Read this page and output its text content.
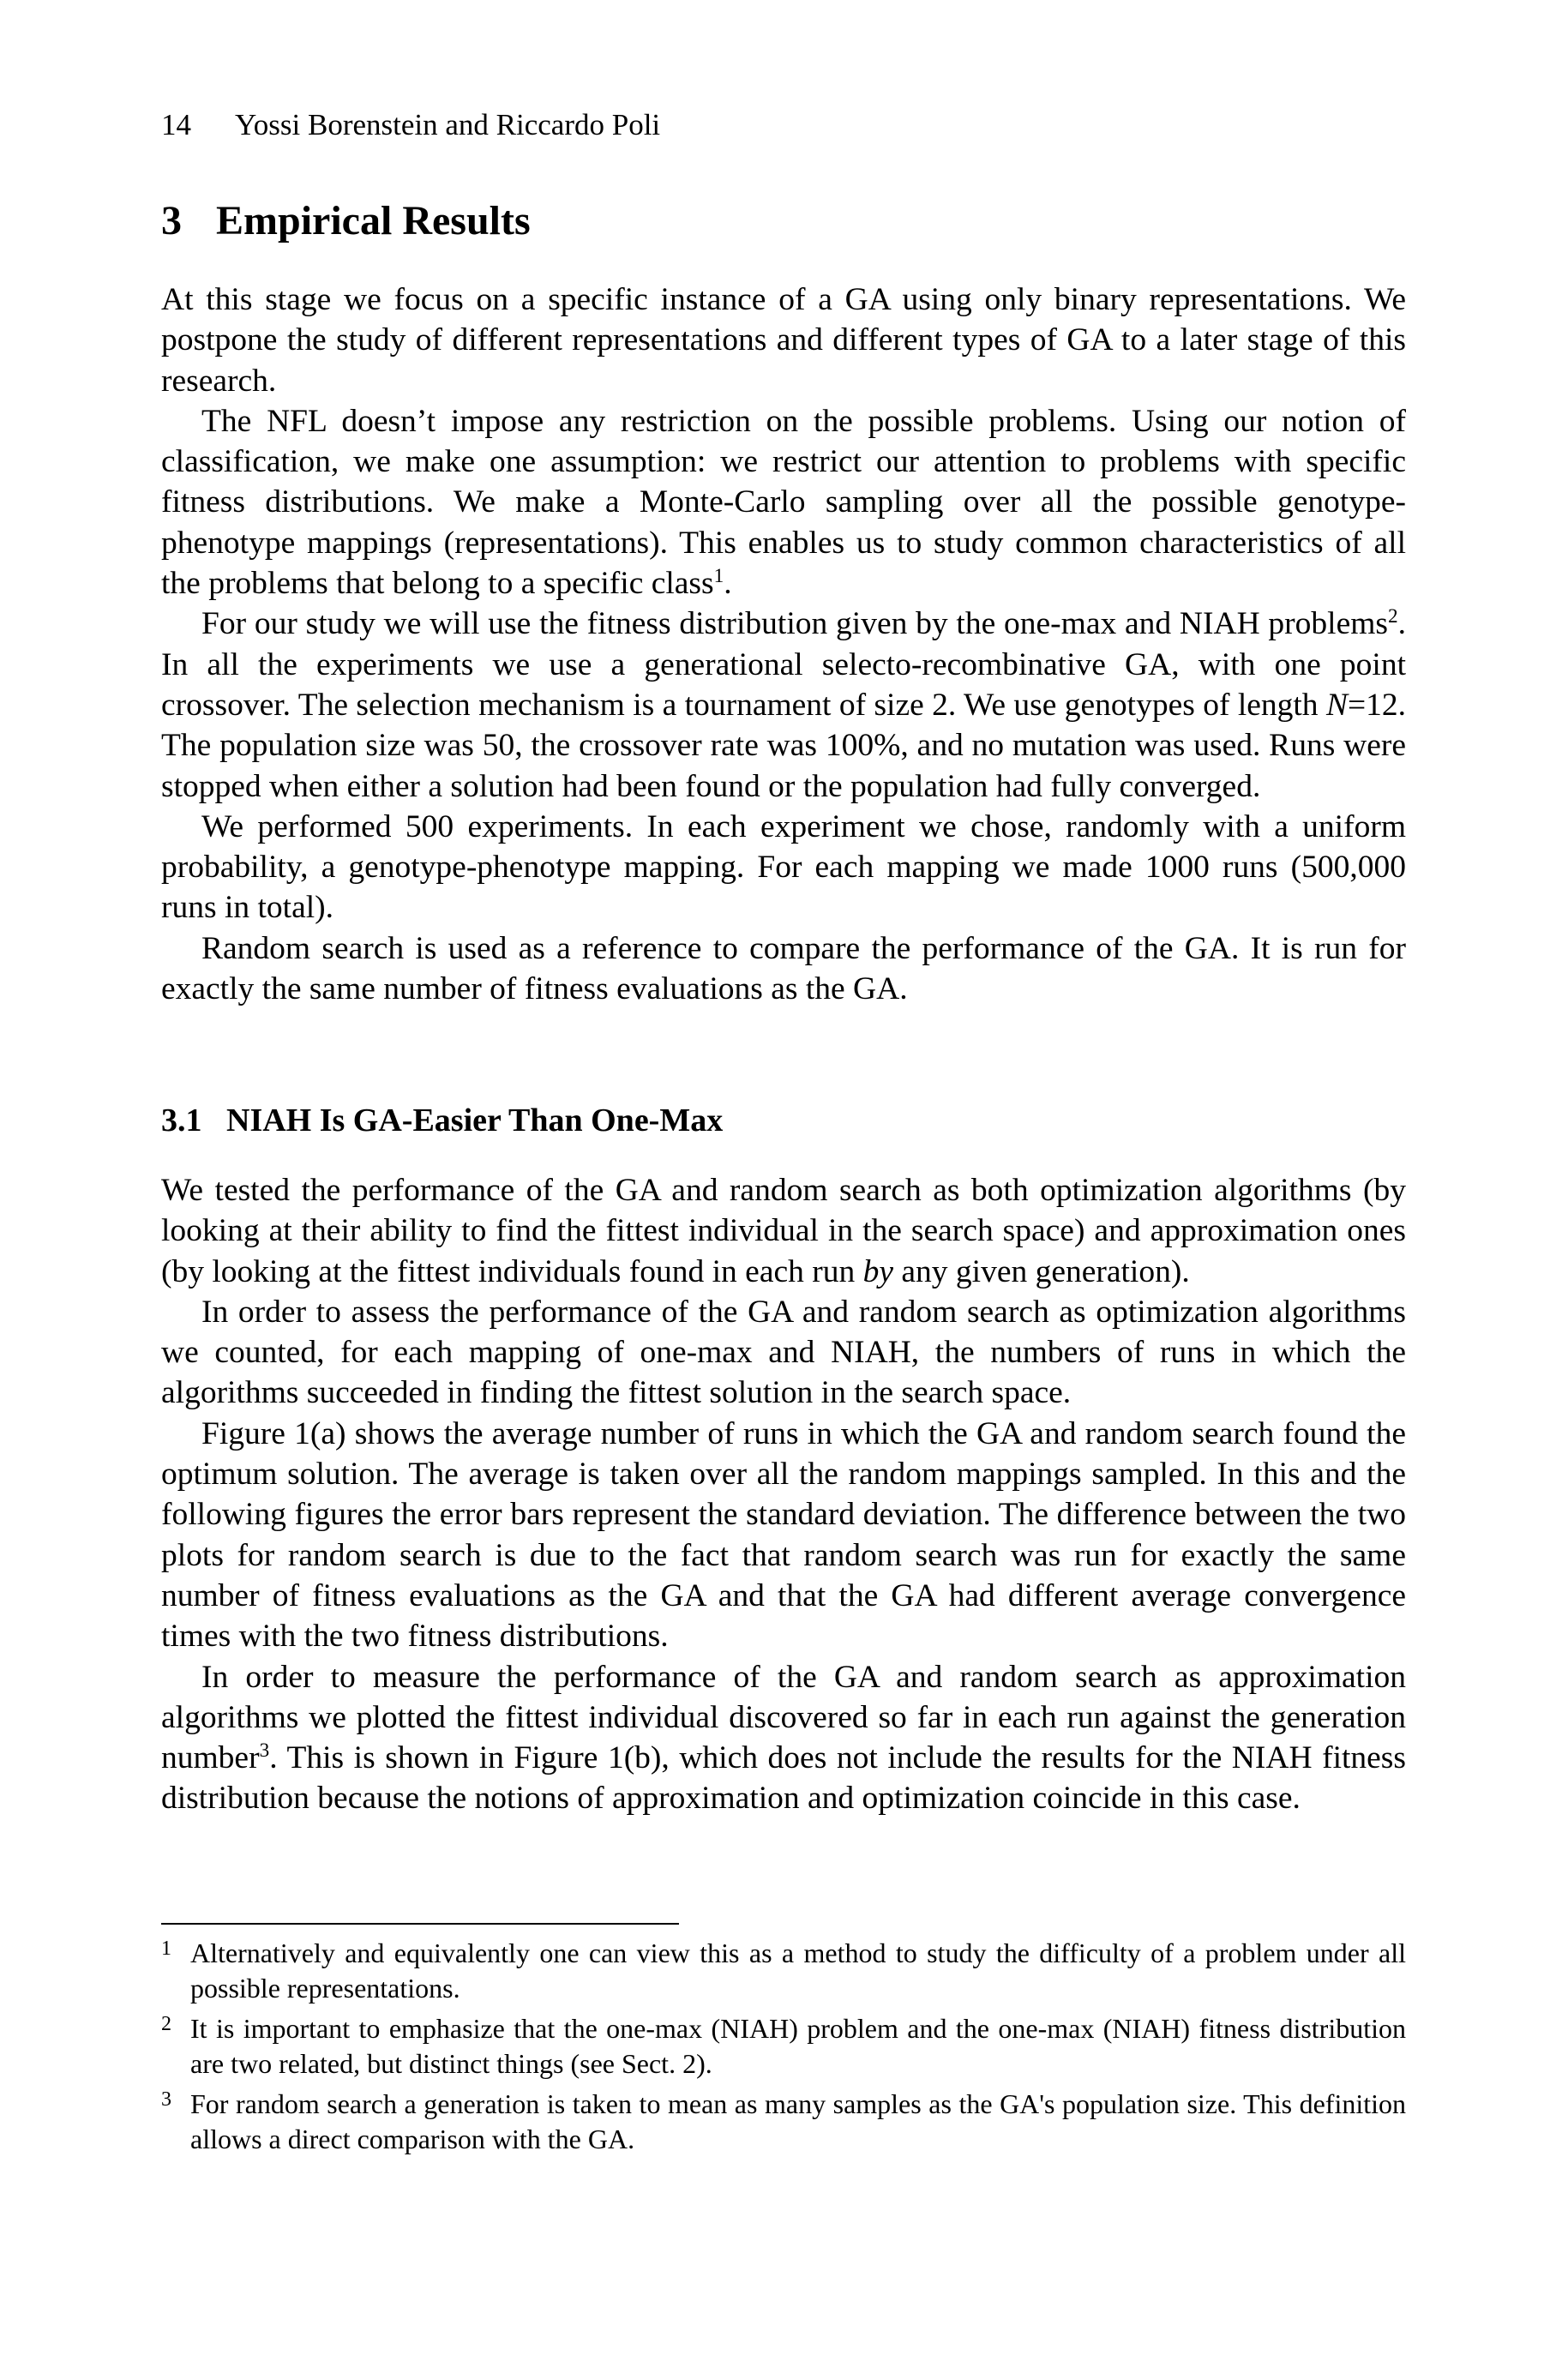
14 Yossi Borenstein and Riccardo Poli
3 Empirical Results

At this stage we focus on a specific instance of a GA using only binary representations. We postpone the study of different representations and different types of GA to a later stage of this research.

The NFL doesn’t impose any restriction on the possible problems. Using our notion of classification, we make one assumption: we restrict our attention to problems with specific fitness distributions. We make a Monte-Carlo sampling over all the possible genotype-phenotype mappings (representations). This enables us to study common characteristics of all the problems that belong to a specific class$^1$.

For our study we will use the fitness distribution given by the one-max and NIAH problems$^2$. In all the experiments we use a generational selecto-recombinative GA, with one point crossover. The selection mechanism is a tournament of size 2. We use genotypes of length N=12. The population size was 50, the crossover rate was 100%, and no mutation was used. Runs were stopped when either a solution had been found or the population had fully converged.

We performed 500 experiments. In each experiment we chose, randomly with a uniform probability, a genotype-phenotype mapping. For each mapping we made 1000 runs (500,000 runs in total).

Random search is used as a reference to compare the performance of the GA. It is run for exactly the same number of fitness evaluations as the GA.

3.1 NIAH Is GA-Easier Than One-Max

We tested the performance of the GA and random search as both optimization algorithms (by looking at their ability to find the fittest individual in the search space) and approximation ones (by looking at the fittest individuals found in each run by any given generation).

In order to assess the performance of the GA and random search as optimization algorithms we counted, for each mapping of one-max and NIAH, the numbers of runs in which the algorithms succeeded in finding the fittest solution in the search space.

Figure 1(a) shows the average number of runs in which the GA and random search found the optimum solution. The average is taken over all the random mappings sampled. In this and the following figures the error bars represent the standard deviation. The difference between the two plots for random search is due to the fact that random search was run for exactly the same number of fitness evaluations as the GA and that the GA had different average convergence times with the two fitness distributions.

In order to measure the performance of the GA and random search as approximation algorithms we plotted the fittest individual discovered so far in each run against the generation number$^3$. This is shown in Figure 1(b), which does not include the results for the NIAH fitness distribution because the notions of approximation and optimization coincide in this case.

1 Alternatively and equivalently one can view this as a method to study the difficulty of a problem under all possible representations.
2 It is important to emphasize that the one-max (NIAH) problem and the one-max (NIAH) fitness distribution are two related, but distinct things (see Sect. 2).
3 For random search a generation is taken to mean as many samples as the GA's population size. This definition allows a direct comparison with the GA.
